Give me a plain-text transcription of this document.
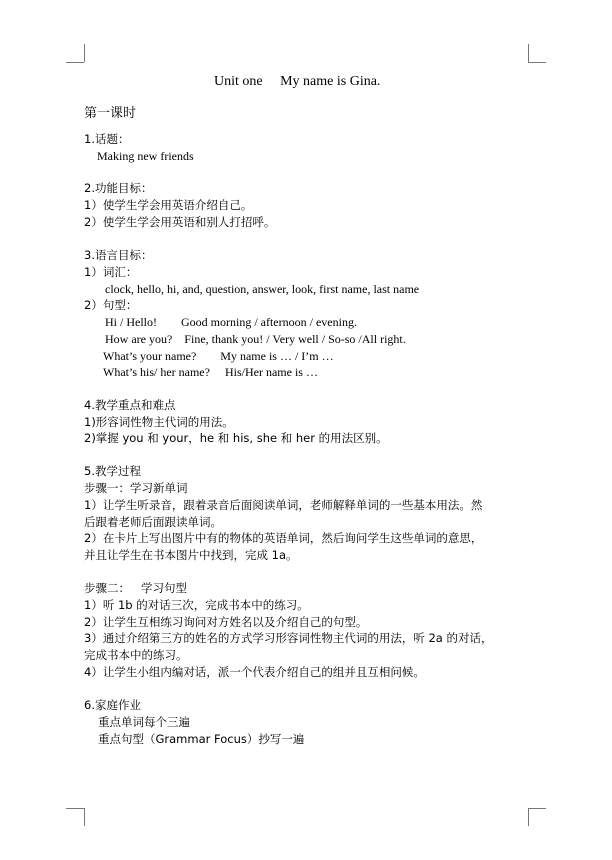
Unit one     My name is Gina.
第一课时
1.话题：
Making new friends
2.功能目标：
1）使学生学会用英语介绍自己。
2）使学生学会用英语和别人打招呼。
3.语言目标：
1）词汇：
clock, hello, hi, and, question, answer, look, first name, last name
2）句型：
Hi / Hello!        Good morning / afternoon / evening.
How are you?    Fine, thank you! / Very well / So-so /All right.
What’s your name?        My name is … / I’m …
What’s his/ her name?     His/Her name is …
4.教学重点和难点
1)形容词性物主代词的用法。
2)掌握 you 和 your，he 和 his, she 和 her 的用法区别。
5.教学过程
步骤一：学习新单词
1）让学生听录音，跟着录音后面阅读单词，老师解释单词的一些基本用法。然
后跟着老师后面跟读单词。
2）在卡片上写出图片中有的物体的英语单词，然后询问学生这些单词的意思，
并且让学生在书本图片中找到，完成 1a。
步骤二：   学习句型
1）听 1b 的对话三次，完成书本中的练习。
2）让学生互相练习询问对方姓名以及介绍自己的句型。
3）通过介绍第三方的姓名的方式学习形容词性物主代词的用法，听 2a 的对话，
完成书本中的练习。
4）让学生小组内编对话，派一个代表介绍自己的组并且互相问候。
6.家庭作业
重点单词每个三遍
重点句型（Grammar Focus）抄写一遍
